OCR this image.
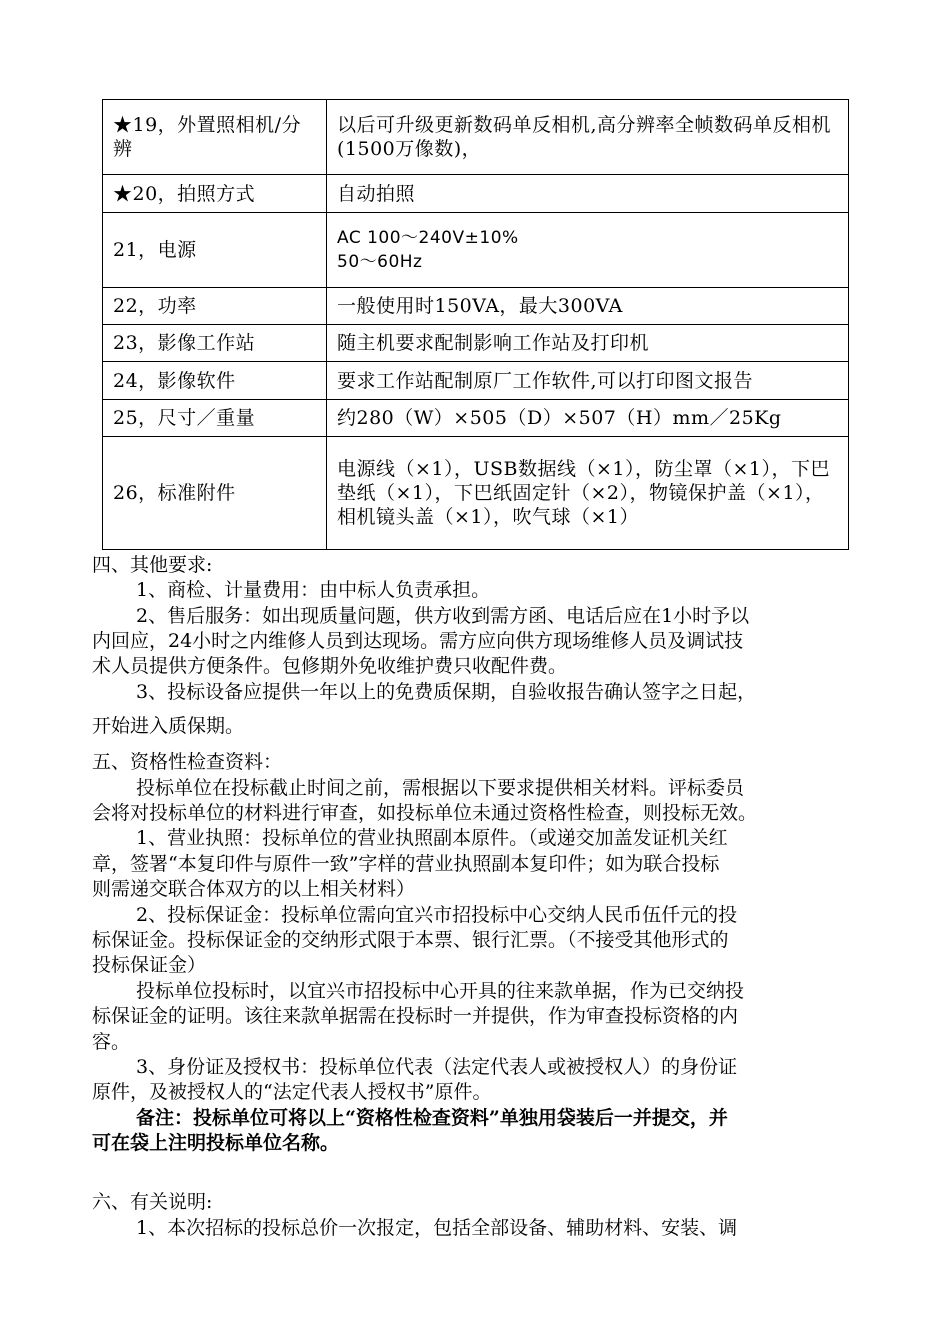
★19，外置照相机/分辨	以后可升级更新数码单反相机,高分辨率全帧数码单反相机(1500万像数)，
★20，拍照方式	自动拍照
21，电源	AC 100～240V±10%
50～60Hz
22，功率	一般使用时150VA，最大300VA
23，影像工作站	随主机要求配制影响工作站及打印机
24，影像软件	要求工作站配制原厂工作软件,可以打印图文报告
25，尺寸／重量	约280（W）×505（D）×507（H）mm／25Kg
26，标准附件	电源线（×1），USB数据线（×1），防尘罩（×1），下巴垫纸（×1），下巴纸固定针（×2），物镜保护盖（×1），相机镜头盖（×1），吹气球（×1）
四、其他要求:
1、商检、计量费用：由中标人负责承担。
2、售后服务：如出现质量问题，供方收到需方函、电话后应在1小时予以
内回应，24小时之内维修人员到达现场。需方应向供方现场维修人员及调试技
术人员提供方便条件。包修期外免收维护费只收配件费。
3、投标设备应提供一年以上的免费质保期，自验收报告确认签字之日起，
开始进入质保期。
五、资格性检查资料：
投标单位在投标截止时间之前，需根据以下要求提供相关材料。评标委员
会将对投标单位的材料进行审查，如投标单位未通过资格性检查，则投标无效。
1、营业执照：投标单位的营业执照副本原件。（或递交加盖发证机关红
章，签署“本复印件与原件一致”字样的营业执照副本复印件；如为联合投标
则需递交联合体双方的以上相关材料）
2、投标保证金：投标单位需向宜兴市招投标中心交纳人民币伍仟元的投
标保证金。投标保证金的交纳形式限于本票、银行汇票。（不接受其他形式的
投标保证金）
投标单位投标时，以宜兴市招投标中心开具的往来款单据，作为已交纳投
标保证金的证明。该往来款单据需在投标时一并提供，作为审查投标资格的内
容。
3、身份证及授权书：投标单位代表（法定代表人或被授权人）的身份证
原件，及被授权人的“法定代表人授权书”原件。
备注：投标单位可将以上“资格性检查资料”单独用袋装后一并提交，并
可在袋上注明投标单位名称。
六、有关说明:
1、本次招标的投标总价一次报定，包括全部设备、辅助材料、安装、调
